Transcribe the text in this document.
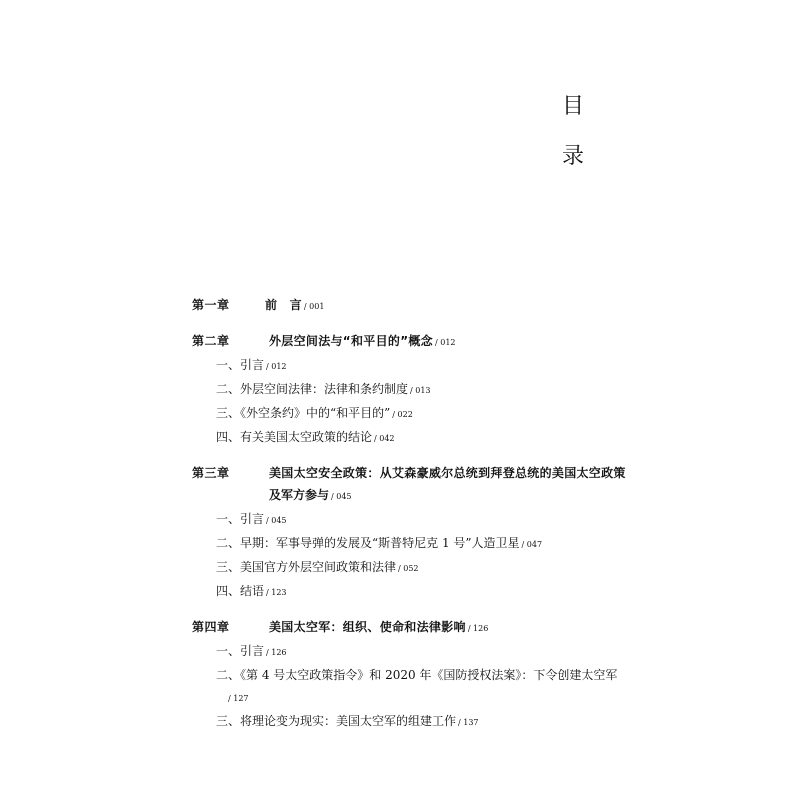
目
录
第一章	前　言 / 001
第二章	外层空间法与“和平目的”概念 / 012
一、引言 / 012
二、外层空间法律：法律和条约制度 / 013
三、《外空条约》中的“和平目的” / 022
四、有关美国太空政策的结论 / 042
第三章	美国太空安全政策：从艾森豪威尔总统到拜登总统的美国太空政策
及军方参与 / 045
一、引言 / 045
二、早期：军事导弹的发展及“斯普特尼克 1 号”人造卫星 / 047
三、美国官方外层空间政策和法律 / 052
四、结语 / 123
第四章	美国太空军：组织、使命和法律影响 / 126
一、引言 / 126
二、《第 4 号太空政策指令》和 2020 年《国防授权法案》：下令创建太空军
/ 127
三、将理论变为现实：美国太空军的组建工作 / 137
